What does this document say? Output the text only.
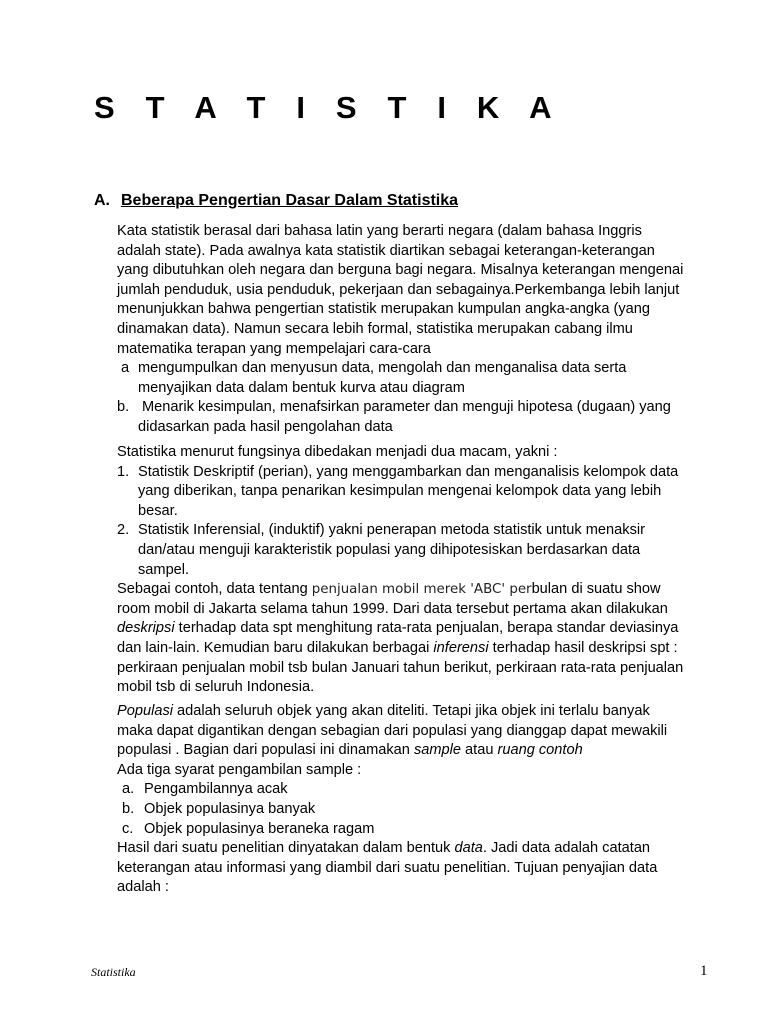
S T A T I S T I K A
A. Beberapa Pengertian Dasar Dalam Statistika
Kata statistik berasal dari bahasa latin yang berarti negara (dalam bahasa Inggris
adalah state). Pada awalnya kata statistik diartikan sebagai keterangan-keterangan
yang dibutuhkan oleh negara dan berguna bagi negara. Misalnya keterangan mengenai
jumlah penduduk, usia penduduk, pekerjaan dan sebagainya.Perkembanga lebih lanjut
menunjukkan bahwa pengertian statistik merupakan kumpulan angka-angka (yang
dinamakan data). Namun secara lebih formal, statistika merupakan cabang ilmu
matematika terapan yang mempelajari cara-cara
a mengumpulkan dan menyusun data, mengolah dan menganalisa data serta
menyajikan data dalam bentuk kurva atau diagram
b. Menarik kesimpulan, menafsirkan parameter dan menguji hipotesa (dugaan) yang
didasarkan pada hasil pengolahan data
Statistika menurut fungsinya dibedakan menjadi dua macam, yakni :
1. Statistik Deskriptif (perian), yang menggambarkan dan menganalisis kelompok data
yang diberikan, tanpa penarikan kesimpulan mengenai kelompok data yang lebih
besar.
2. Statistik Inferensial, (induktif) yakni penerapan metoda statistik untuk menaksir
dan/atau menguji karakteristik populasi yang dihipotesiskan berdasarkan data
sampel.
Sebagai contoh, data tentang penjualan mobil merek 'ABC' perbulan di suatu show
room mobil di Jakarta selama tahun 1999. Dari data tersebut pertama akan dilakukan
deskripsi terhadap data spt menghitung rata-rata penjualan, berapa standar deviasinya
dan lain-lain. Kemudian baru dilakukan berbagai inferensi terhadap hasil deskripsi spt :
perkiraan penjualan mobil tsb bulan Januari tahun berikut, perkiraan rata-rata penjualan
mobil tsb di seluruh Indonesia.
Populasi adalah seluruh objek yang akan diteliti. Tetapi jika objek ini terlalu banyak
maka dapat digantikan dengan sebagian dari populasi yang dianggap dapat mewakili
populasi . Bagian dari populasi ini dinamakan sample atau ruang contoh
Ada tiga syarat pengambilan sample :
a. Pengambilannya acak
b. Objek populasinya banyak
c. Objek populasinya beraneka ragam
Hasil dari suatu penelitian dinyatakan dalam bentuk data. Jadi data adalah catatan
keterangan atau informasi yang diambil dari suatu penelitian. Tujuan penyajian data
adalah :
Statistika	1
